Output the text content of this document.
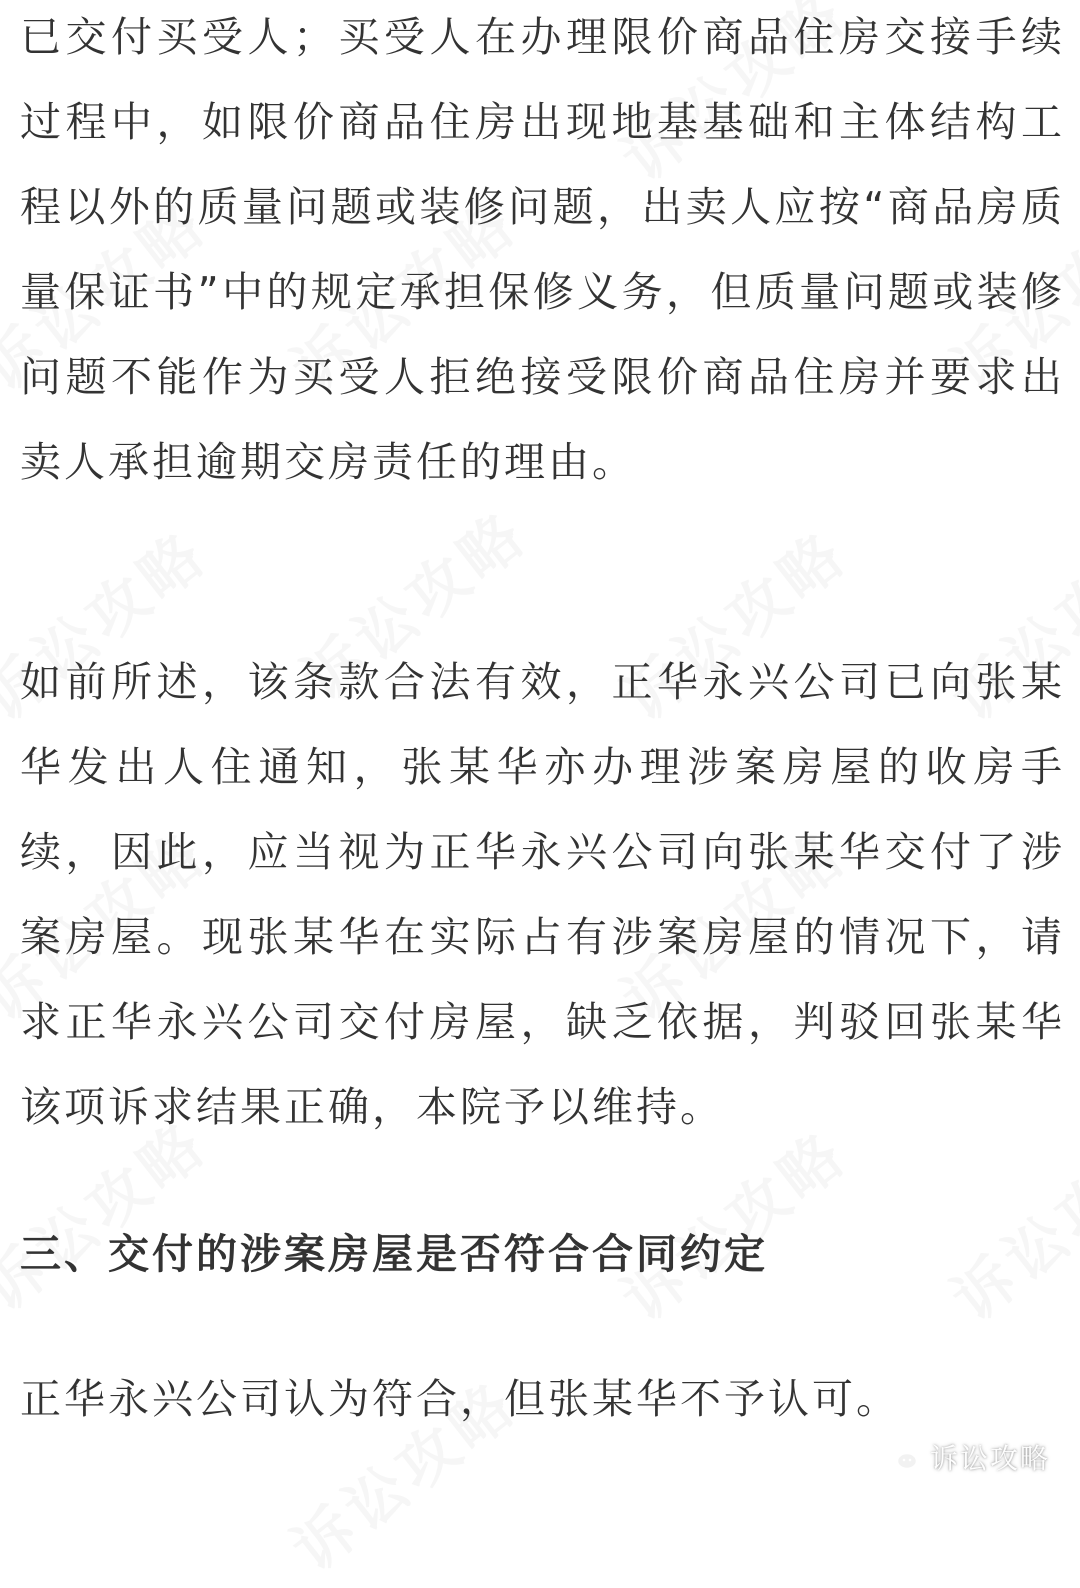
已交付买受人；买受人在办理限价商品住房交接手续过程中，如限价商品住房出现地基基础和主体结构工程以外的质量问题或装修问题，出卖人应按“商品房质量保证书”中的规定承担保修义务，但质量问题或装修问题不能作为买受人拒绝接受限价商品住房并要求出卖人承担逾期交房责任的理由。

如前所述，该条款合法有效，正华永兴公司已向张某华发出人住通知，张某华亦办理涉案房屋的收房手续，因此，应当视为正华永兴公司向张某华交付了涉案房屋。现张某华在实际占有涉案房屋的情况下，请求正华永兴公司交付房屋，缺乏依据，判驳回张某华该项诉求结果正确，本院予以维持。

三、交付的涉案房屋是否符合合同约定

正华永兴公司认为符合，但张某华不予认可。

诉讼攻略
